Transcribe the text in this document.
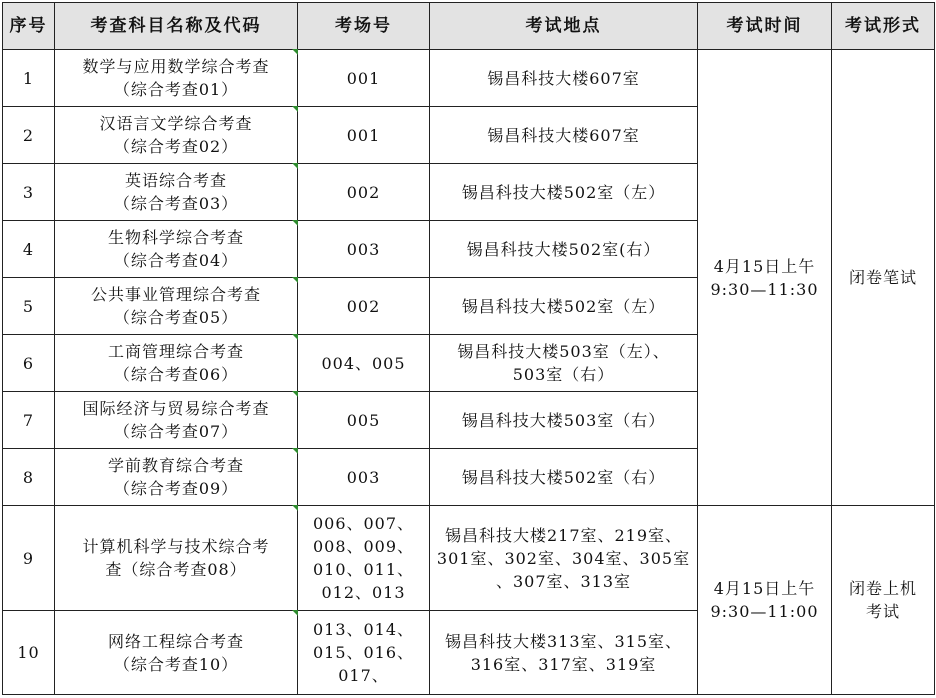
序号	考查科目名称及代码	考场号	考试地点	考试时间	考试形式
1	数学与应用数学综合考查
（综合考查01）	001	锡昌科技大楼607室	4月15日上午
9:30—11:30	闭卷笔试

2	汉语言文学综合考查
（综合考查02）	001	锡昌科技大楼607室		

3	英语综合考查
（综合考查03）	002	锡昌科技大楼502室（左）		

4	生物科学综合考查
（综合考查04）	003	锡昌科技大楼502室(右）		

5	公共事业管理综合考查
（综合考查05）	002	锡昌科技大楼502室（左）		

6	工商管理综合考查
（综合考查06）	004、005	锡昌科技大楼503室（左）、
503室（右）		

7	国际经济与贸易综合考查
（综合考查07）	005	锡昌科技大楼503室（右）		

8	学前教育综合考查
（综合考查09）	003	锡昌科技大楼502室（右）		

9	计算机科学与技术综合考
查（综合考查08）	006、007、
008、009、
010、011、
012、013	锡昌科技大楼217室、219室、
301室、302室、304室、305室
、307室、313室	4月15日上午
9:30—11:00	闭卷上机
考试

10	网络工程综合考查
（综合考查10）	013、014、
015、016、
017、	锡昌科技大楼313室、315室、
316室、317室、319室		
